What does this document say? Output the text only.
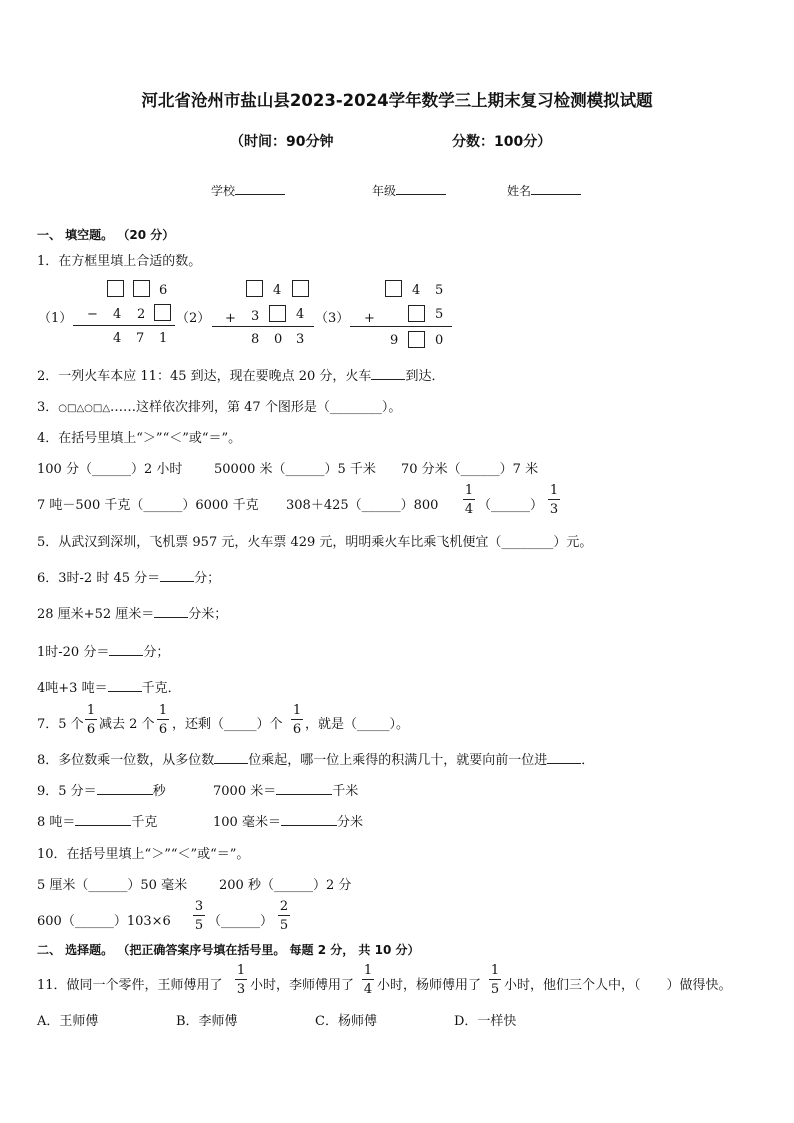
河北省沧州市盐山县2023-2024学年数学三上期末复习检测模拟试题
（时间：90分钟	分数：100分）
学校	年级	姓名
一、 填空题。 （20 分）
1．在方框里填上合适的数。
（1）
6
− 4 2
4 7 1
（2）
4
+ 3	4
8 0 3
（3）
4 5
+	5
9	0
2．一列火车本应 11：45 到达，现在要晚点 20 分，火车	到达．
3．○□△○□△……这样依次排列，第 47 个图形是（________）。
4．在括号里填上“＞”“＜”或“＝”。
100 分（______）2 小时 50000 米（______）5 千米 70 分米（______）7 米
7 吨－500 千克（______）6000 千克 308＋425（______）800
1
4 （______）
1
3
5．从武汉到深圳，飞机票 957 元，火车票 429 元，明明乘火车比乘飞机便宜（________）元。
6．3时-2 时 45 分＝	分；
28 厘米+52 厘米＝	分米；
1时-20 分＝	分；
4吨+3 吨＝	千克．
7．5 个
1
6 减去 2 个
1
6 ，还剩（_____）个
1
6 ，就是（_____）。
8．多位数乘一位数，从多位数	位乘起，哪一位上乘得的积满几十，就要向前一位进	．
9．5 分＝	秒	7000 米＝	千米
8 吨＝	千克	100 毫米＝	分米
10．在括号里填上“＞”“＜”或“＝”。
5 厘米（______）50 毫米 200 秒（______）2 分
600（______）103×6
3
5 （______）
2
5
二、 选择题。 （把正确答案序号填在括号里。 每题 2 分， 共 10 分）
11．做同一个零件，王师傅用了
1
3 小时，李师傅用了
1
4 小时，杨师傅用了
1
5 小时，他们三个人中，（　　）做得快。
A．王师傅	B．李师傅	C．杨师傅	D．一样快
